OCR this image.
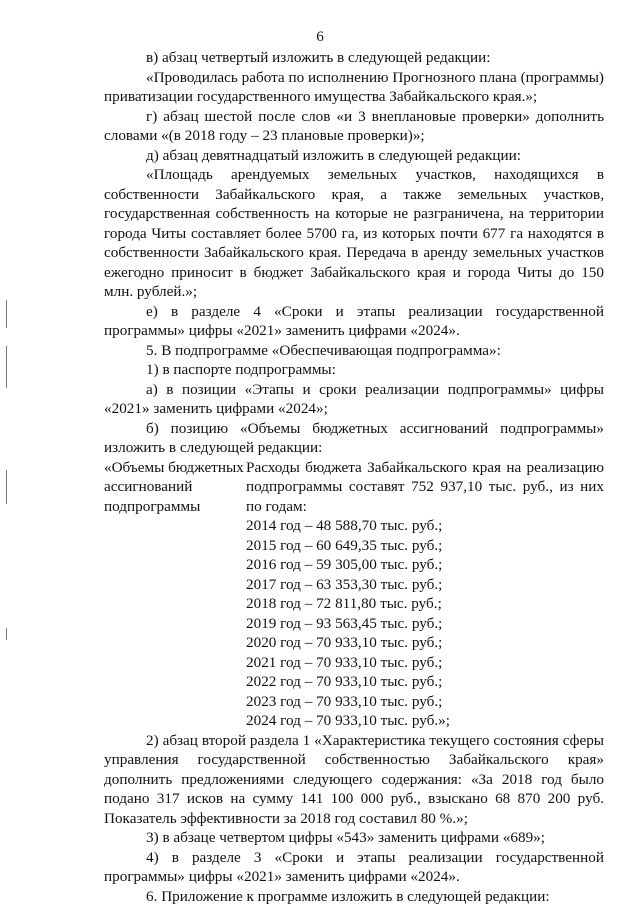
6

в) абзац четвертый изложить в следующей редакции:

«Проводилась работа по исполнению Прогнозного плана (программы) приватизации государственного имущества Забайкальского края.»;

г) абзац шестой после слов «и 3 внеплановые проверки» дополнить словами «(в 2018 году – 23 плановые проверки)»;

д) абзац девятнадцатый изложить в следующей редакции:

«Площадь арендуемых земельных участков, находящихся в собственности Забайкальского края, а также земельных участков, государственная собственность на которые не разграничена, на территории города Читы составляет более 5700 га, из которых почти 677 га находятся в собственности Забайкальского края. Передача в аренду земельных участков ежегодно приносит в бюджет Забайкальского края и города Читы до 150 млн. рублей.»;

е) в разделе 4 «Сроки и этапы реализации государственной программы» цифры «2021» заменить цифрами «2024».

5. В подпрограмме «Обеспечивающая подпрограмма»:

1) в паспорте подпрограммы:

а) в позиции «Этапы и сроки реализации подпрограммы» цифры «2021» заменить цифрами «2024»;

б) позицию «Объемы бюджетных ассигнований подпрограммы» изложить в следующей редакции:

«Объемы бюджетных ассигнований подпрограммы

Расходы бюджета Забайкальского края на реализацию подпрограммы составят 752 937,10 тыс. руб., из них по годам:

2014 год – 48 588,70 тыс. руб.;
2015 год – 60 649,35 тыс. руб.;
2016 год – 59 305,00 тыс. руб.;
2017 год – 63 353,30 тыс. руб.;
2018 год – 72 811,80 тыс. руб.;
2019 год – 93 563,45 тыс. руб.;
2020 год – 70 933,10 тыс. руб.;
2021 год – 70 933,10 тыс. руб.;
2022 год – 70 933,10 тыс. руб.;
2023 год – 70 933,10 тыс. руб.;
2024 год – 70 933,10 тыс. руб.»;

2) абзац второй раздела 1 «Характеристика текущего состояния сферы управления государственной собственностью Забайкальского края» дополнить предложениями следующего содержания: «За 2018 год было подано 317 исков на сумму 141 100 000 руб., взыскано 68 870 200 руб. Показатель эффективности за 2018 год составил 80 %.»;

3) в абзаце четвертом цифры «543» заменить цифрами «689»;

4) в разделе 3 «Сроки и этапы реализации государственной программы» цифры «2021» заменить цифрами «2024».

6. Приложение к программе изложить в следующей редакции:
